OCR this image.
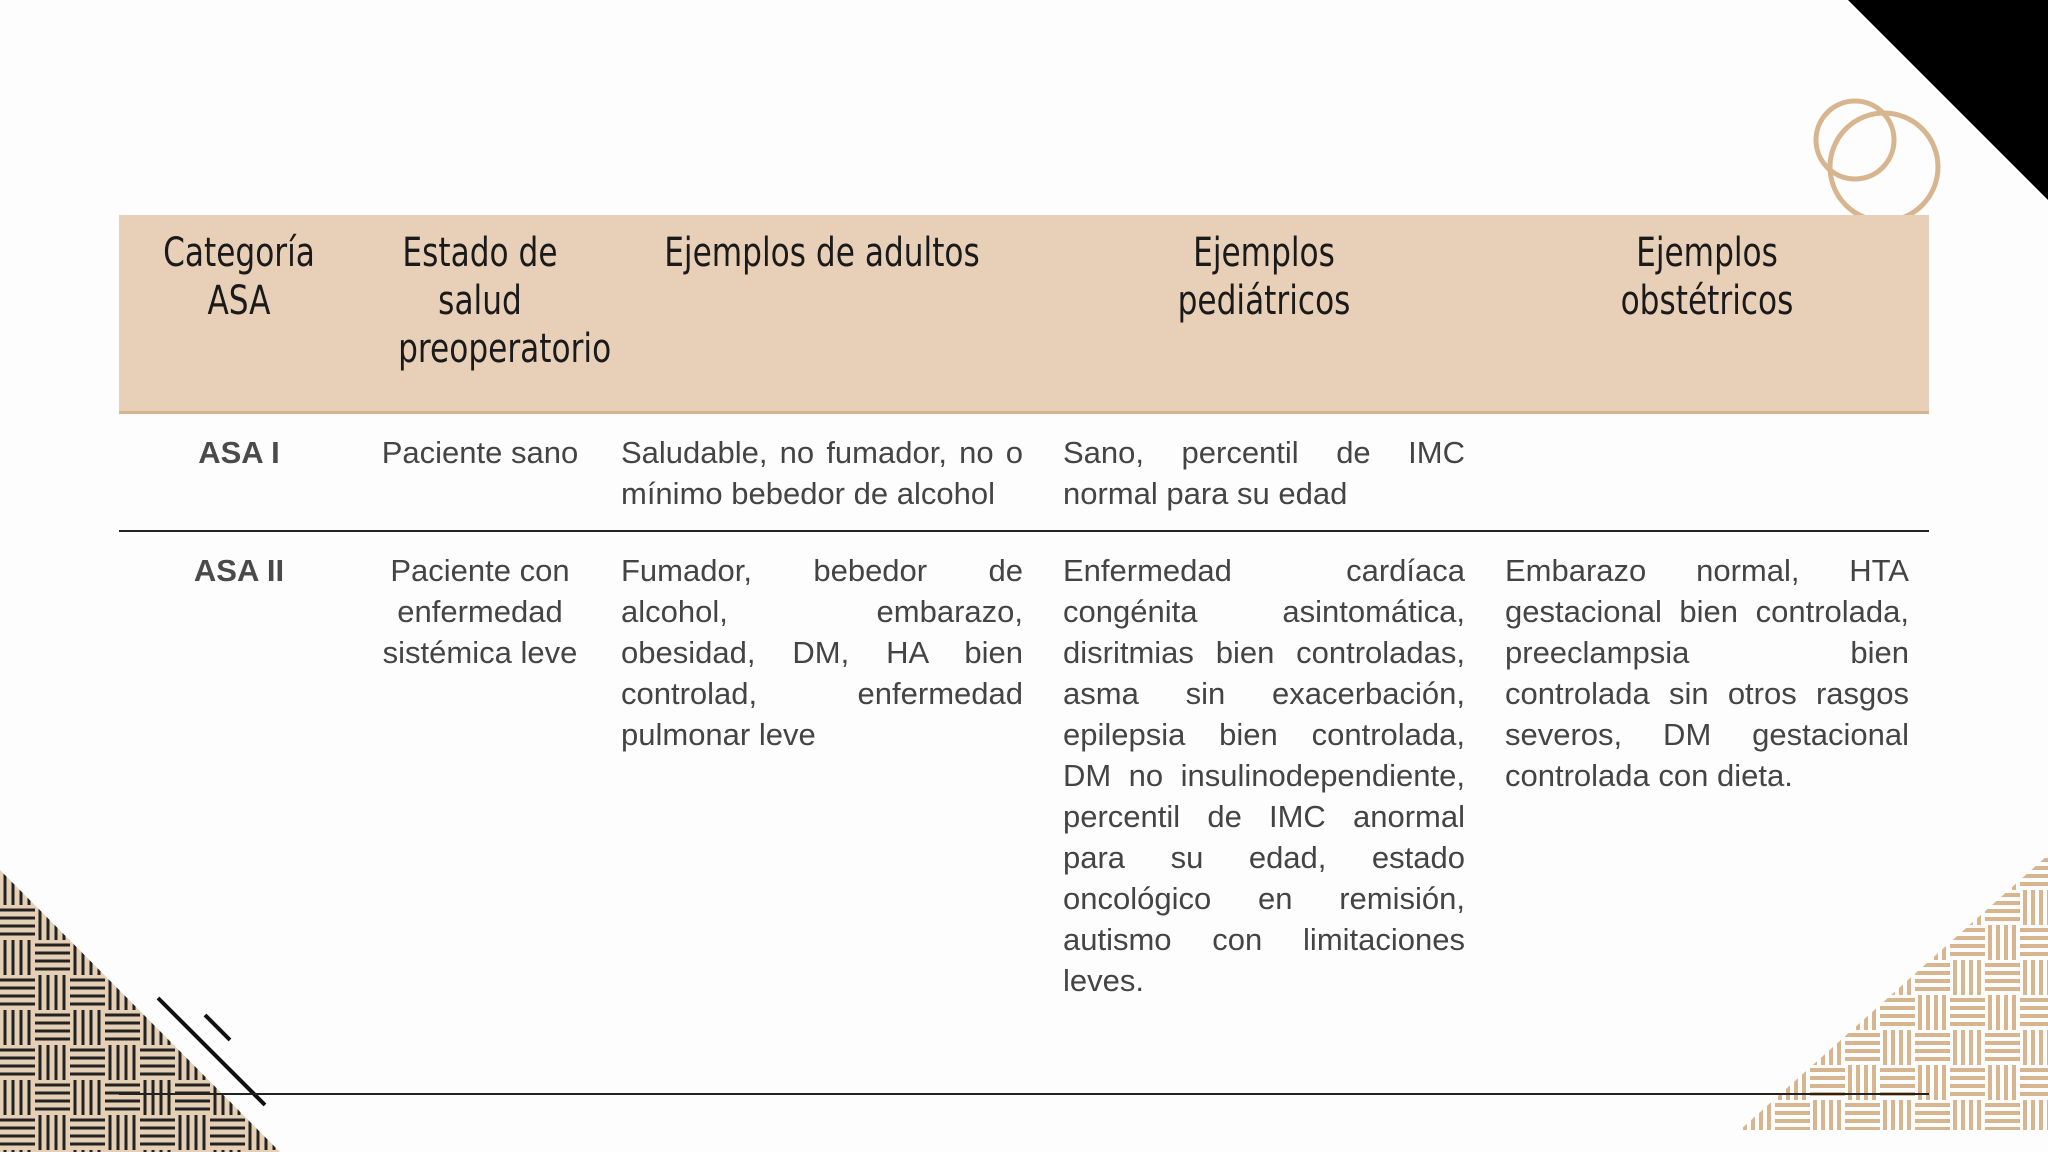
Categoría ASA	Estado de salud preoperatorio	Ejemplos de adultos	Ejemplos pediátricos	Ejemplos obstétricos
ASA I	Paciente sano	Saludable, no fumador, no o mínimo bebedor de alcohol	Sano, percentil de IMC normal para su edad	
ASA II	Paciente con enfermedad sistémica leve	Fumador, bebedor de alcohol, embarazo, obesidad, DM, HA bien controlad, enfermedad pulmonar leve	Enfermedad cardíaca congénita asintomática, disritmias bien controladas, asma sin exacerbación, epilepsia bien controlada, DM no insulinodependiente, percentil de IMC anormal para su edad, estado oncológico en remisión, autismo con limitaciones leves.	Embarazo normal, HTA gestacional bien controlada, preeclampsia bien controlada sin otros rasgos severos, DM gestacional controlada con dieta.
